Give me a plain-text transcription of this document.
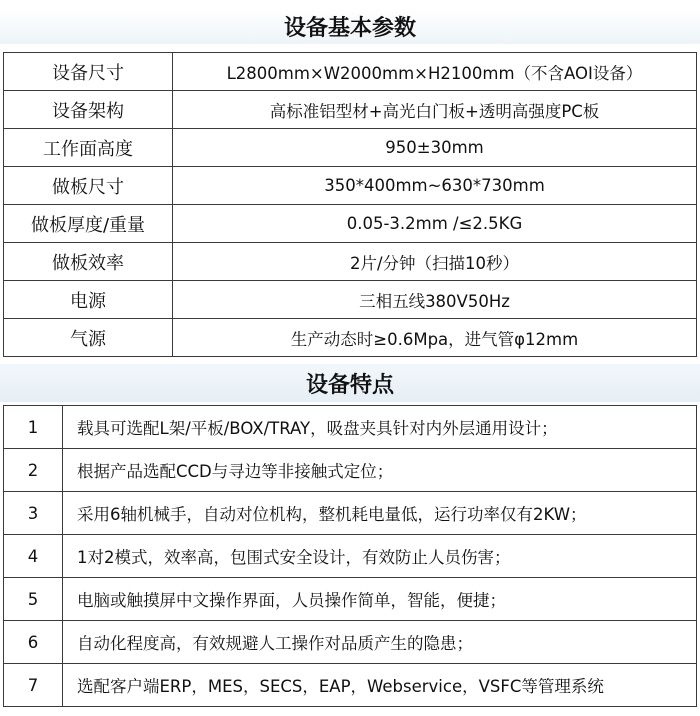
设备基本参数
设备尺寸	L2800mm×W2000mm×H2100mm（不含AOI设备）
设备架构	高标准铝型材+高光白门板+透明高强度PC板
工作面高度	950±30mm
做板尺寸	350*400mm~630*730mm
做板厚度/重量	0.05-3.2mm /≤2.5KG
做板效率	2片/分钟（扫描10秒）
电源	三相五线380V50Hz
气源	生产动态时≥0.6Mpa，进气管φ12mm
设备特点
1	载具可选配L架/平板/BOX/TRAY，吸盘夹具针对内外层通用设计；
2	根据产品选配CCD与寻边等非接触式定位；
3	采用6轴机械手，自动对位机构，整机耗电量低，运行功率仅有2KW；
4	1对2模式，效率高，包围式安全设计，有效防止人员伤害；
5	电脑或触摸屏中文操作界面，人员操作简单，智能，便捷；
6	自动化程度高，有效规避人工操作对品质产生的隐患；
7	选配客户端ERP，MES，SECS，EAP，Webservice，VSFC等管理系统
